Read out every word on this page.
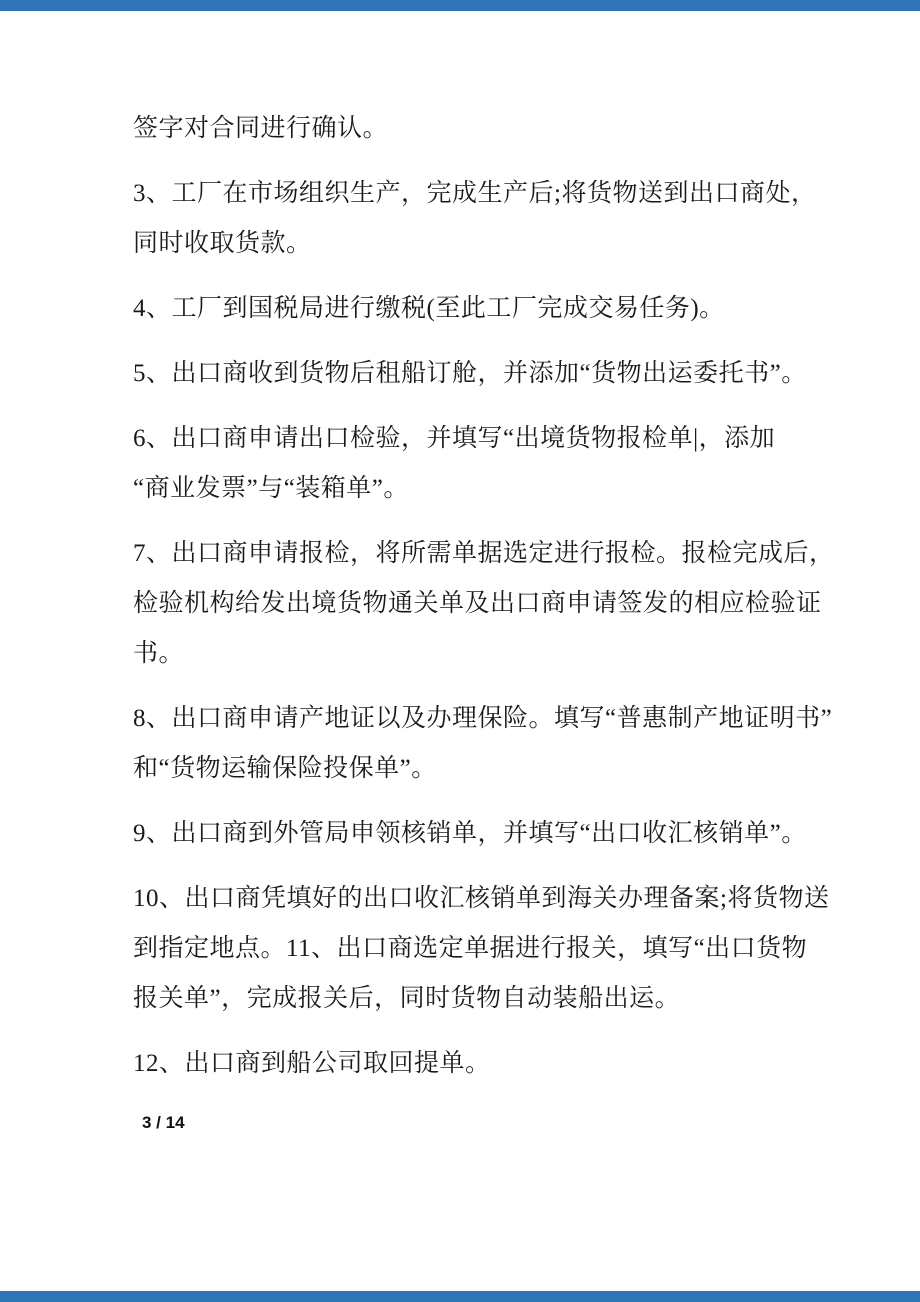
签字对合同进行确认。

3、工厂在市场组织生产，完成生产后;将货物送到出口商处，
同时收取货款。

4、工厂到国税局进行缴税(至此工厂完成交易任务)。

5、出口商收到货物后租船订舱，并添加“货物出运委托书”。

6、出口商申请出口检验，并填写“出境货物报检单|，添加
“商业发票”与“装箱单”。

7、出口商申请报检，将所需单据选定进行报检。报检完成后，
检验机构给发出境货物通关单及出口商申请签发的相应检验证
书。

8、出口商申请产地证以及办理保险。填写“普惠制产地证明书”
和“货物运输保险投保单”。

9、出口商到外管局申领核销单，并填写“出口收汇核销单”。

10、出口商凭填好的出口收汇核销单到海关办理备案;将货物送
到指定地点。11、出口商选定单据进行报关，填写“出口货物
报关单”，完成报关后，同时货物自动装船出运。

12、出口商到船公司取回提单。

3 / 14
